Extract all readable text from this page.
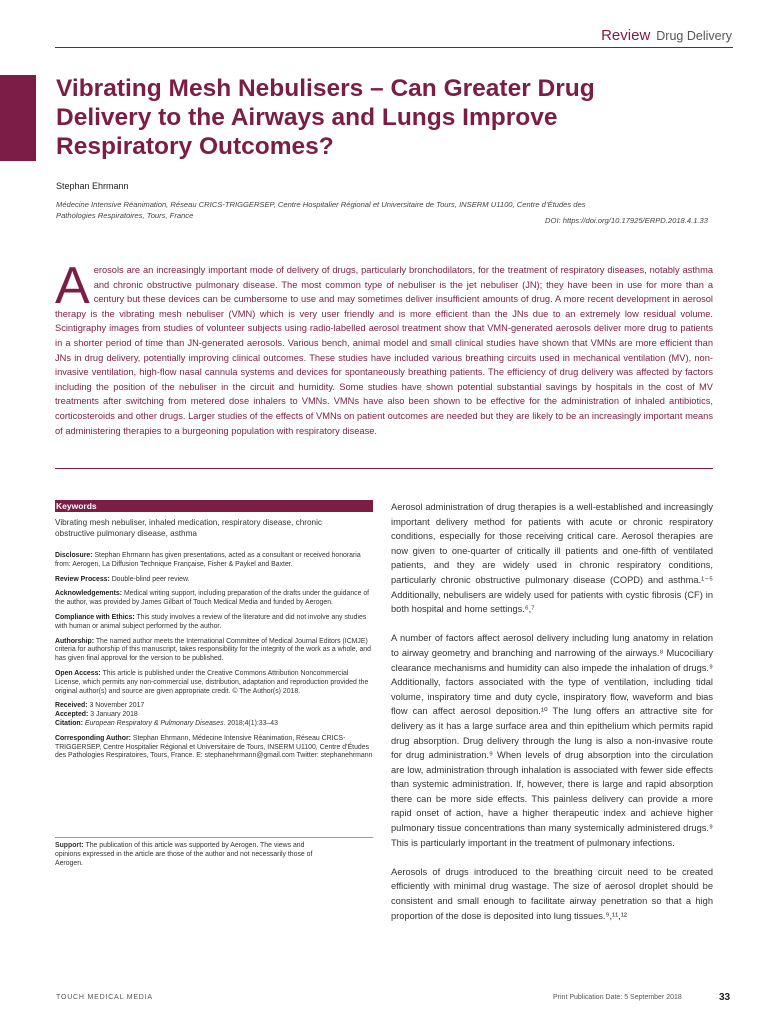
Review Drug Delivery
Vibrating Mesh Nebulisers – Can Greater Drug Delivery to the Airways and Lungs Improve Respiratory Outcomes?
Stephan Ehrmann
Médecine Intensive Réanimation, Réseau CRICS-TRIGGERSEP, Centre Hospitalier Régional et Universitaire de Tours, INSERM U1100, Centre d’Études des Pathologies Respiratoires, Tours, France
DOI: https://doi.org/10.17925/ERPD.2018.4.1.33
Aerosols are an increasingly important mode of delivery of drugs, particularly bronchodilators, for the treatment of respiratory diseases, notably asthma and chronic obstructive pulmonary disease. The most common type of nebuliser is the jet nebuliser (JN); they have been in use for more than a century but these devices can be cumbersome to use and may sometimes deliver insufficient amounts of drug. A more recent development in aerosol therapy is the vibrating mesh nebuliser (VMN) which is very user friendly and is more efficient than the JNs due to an extremely low residual volume. Scintigraphy images from studies of volunteer subjects using radio-labelled aerosol treatment show that VMN-generated aerosols deliver more drug to patients in a shorter period of time than JN-generated aerosols. Various bench, animal model and small clinical studies have shown that VMNs are more efficient than JNs in drug delivery, potentially improving clinical outcomes. These studies have included various breathing circuits used in mechanical ventilation (MV), non-invasive ventilation, high-flow nasal cannula systems and devices for spontaneously breathing patients. The efficiency of drug delivery was affected by factors including the position of the nebuliser in the circuit and humidity. Some studies have shown potential substantial savings by hospitals in the cost of MV treatments after switching from metered dose inhalers to VMNs. VMNs have also been shown to be effective for the administration of inhaled antibiotics, corticosteroids and other drugs. Larger studies of the effects of VMNs on patient outcomes are needed but they are likely to be an increasingly important means of administering therapies to a burgeoning population with respiratory disease.
Keywords
Vibrating mesh nebuliser, inhaled medication, respiratory disease, chronic obstructive pulmonary disease, asthma

Disclosure: Stephan Ehrmann has given presentations, acted as a consultant or received honoraria from: Aerogen, La Diffusion Technique Française, Fisher & Paykel and Baxter.

Review Process: Double-blind peer review.

Acknowledgements: Medical writing support, including preparation of the drafts under the guidance of the author, was provided by James Gilbart of Touch Medical Media and funded by Aerogen.

Compliance with Ethics: This study involves a review of the literature and did not involve any studies with human or animal subject performed by the author.

Authorship: The named author meets the International Committee of Medical Journal Editors (ICMJE) criteria for authorship of this manuscript, takes responsibility for the integrity of the work as a whole, and has given final approval for the version to be published.

Open Access: This article is published under the Creative Commons Attribution Noncommercial License, which permits any non-commercial use, distribution, adaptation and reproduction provided the original author(s) and source are given appropriate credit. © The Author(s) 2018.

Received: 3 November 2017
Accepted: 3 January 2018

Citation: European Respiratory & Pulmonary Diseases. 2018;4(1):33–43

Corresponding Author: Stephan Ehrmann, Médecine Intensive Réanimation, Réseau CRICS-TRIGGERSEP, Centre Hospitalier Régional et Universitaire de Tours, INSERM U1100, Centre d’Études des Pathologies Respiratoires, Tours, France. E: stephanehrmann@gmail.com Twitter: stephanehrmann

Support: The publication of this article was supported by Aerogen. The views and opinions expressed in the article are those of the author and not necessarily those of Aerogen.

Aerosol administration of drug therapies is a well-established and increasingly important delivery method for patients with acute or chronic respiratory conditions, especially for those receiving critical care. Aerosol therapies are now given to one-quarter of critically ill patients and one-fifth of ventilated patients, and they are widely used in chronic respiratory conditions, particularly chronic obstructive pulmonary disease (COPD) and asthma.¹⁻⁵ Additionally, nebulisers are widely used for patients with cystic fibrosis (CF) in both hospital and home settings.⁶,⁷

A number of factors affect aerosol delivery including lung anatomy in relation to airway geometry and branching and narrowing of the airways.⁸ Mucociliary clearance mechanisms and humidity can also impede the inhalation of drugs.⁹ Additionally, factors associated with the type of ventilation, including tidal volume, inspiratory time and duty cycle, inspiratory flow, waveform and bias flow can affect aerosol deposition.¹⁰ The lung offers an attractive site for delivery as it has a large surface area and thin epithelium which permits rapid drug absorption. Drug delivery through the lung is also a non-invasive route for drug administration.⁹ When levels of drug absorption into the circulation are low, administration through inhalation is associated with fewer side effects than systemic administration. If, however, there is large and rapid absorption there can be more side effects. This painless delivery can provide a more rapid onset of action, have a higher therapeutic index and achieve higher pulmonary tissue concentrations than many systemically administered drugs.⁹ This is particularly important in the treatment of pulmonary infections.

Aerosols of drugs introduced to the breathing circuit need to be created efficiently with minimal drug wastage. The size of aerosol droplet should be consistent and small enough to facilitate airway penetration so that a high proportion of the dose is deposited into lung tissues.⁹,¹¹,¹²

TOUCH MEDICAL MEDIA	Print Publication Date: 5 September 2018	33
